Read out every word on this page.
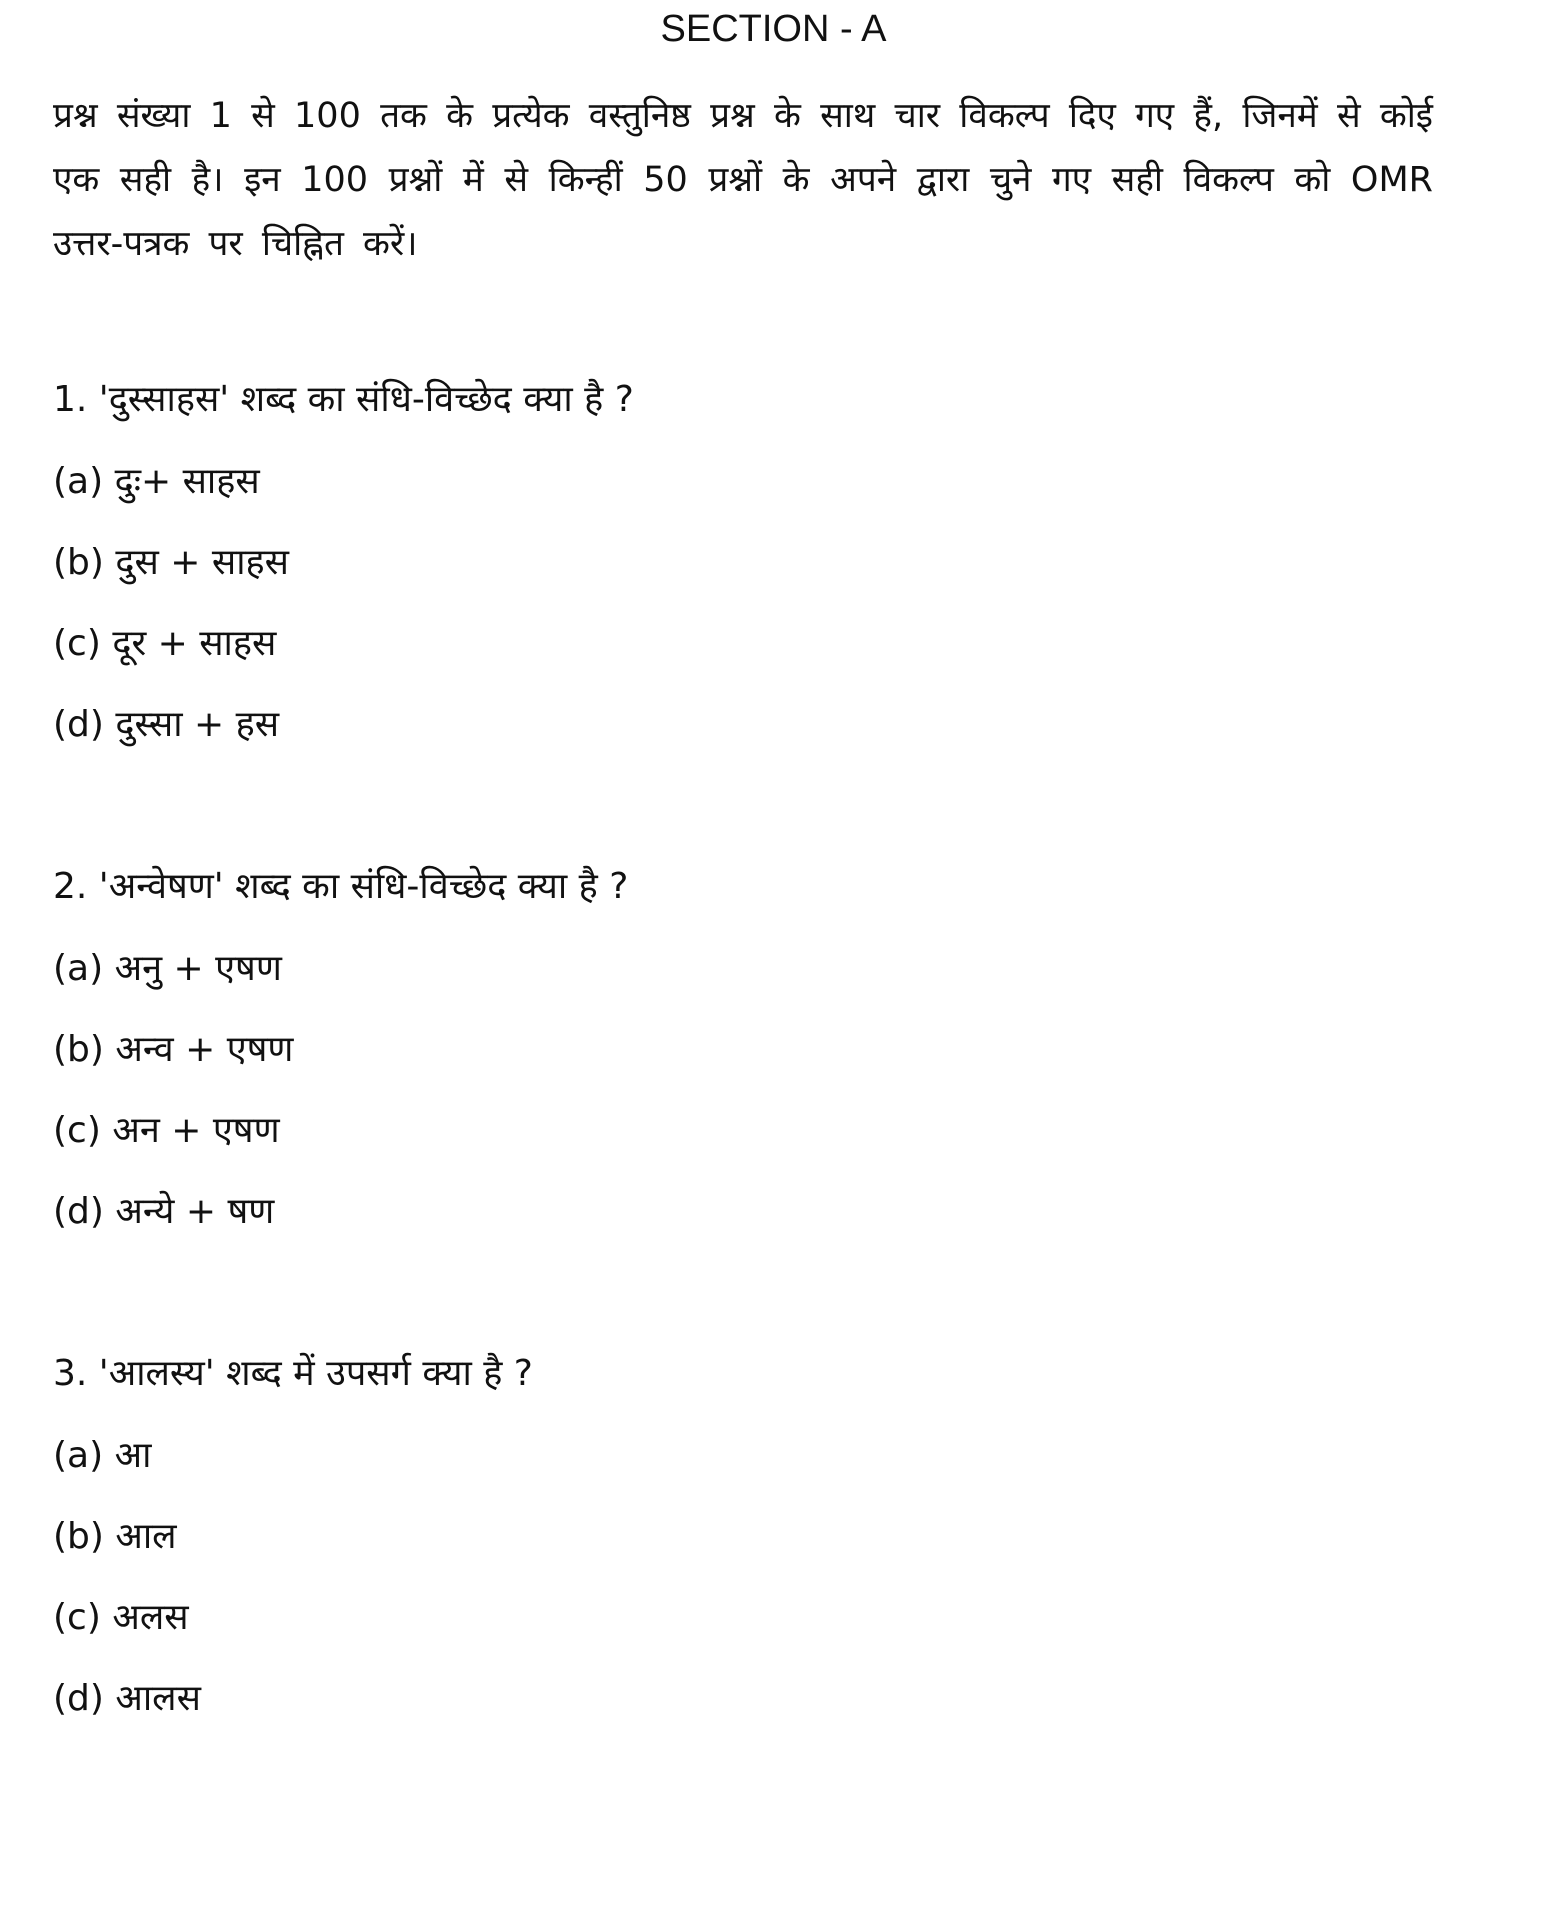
SECTION - A
प्रश्न संख्या 1 से 100 तक के प्रत्येक वस्तुनिष्ठ प्रश्न के साथ चार विकल्प दिए गए हैं, जिनमें से कोई एक सही है। इन 100 प्रश्नों में से किन्हीं 50 प्रश्नों के अपने द्वारा चुने गए सही विकल्प को OMR उत्तर-पत्रक पर चिह्नित करें।
1. 'दुस्साहस' शब्द का संधि-विच्छेद क्या है ?
(a) दुः+ साहस
(b) दुस + साहस
(c) दूर + साहस
(d) दुस्सा + हस
2. 'अन्वेषण' शब्द का संधि-विच्छेद क्या है ?
(a) अनु + एषण
(b) अन्व + एषण
(c) अन + एषण
(d) अन्ये + षण
3. 'आलस्य' शब्द में उपसर्ग क्या है ?
(a) आ
(b) आल
(c) अलस
(d) आलस
